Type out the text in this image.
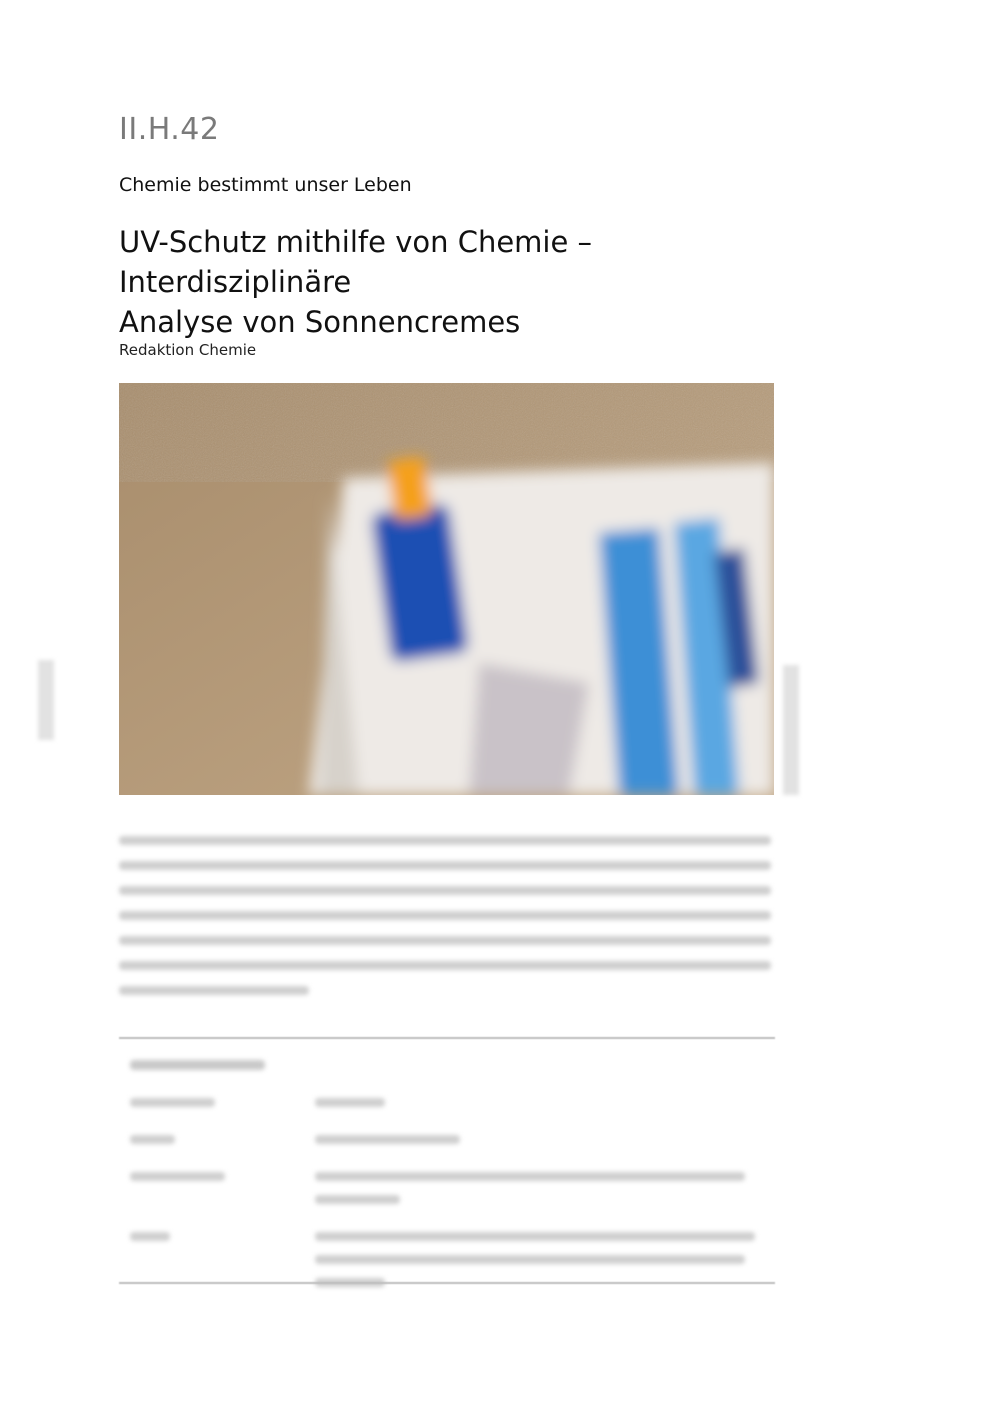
II.H.42
Chemie bestimmt unser Leben
UV-Schutz mithilfe von Chemie – Interdisziplinäre
Analyse von Sonnencremes
Redaktion Chemie
